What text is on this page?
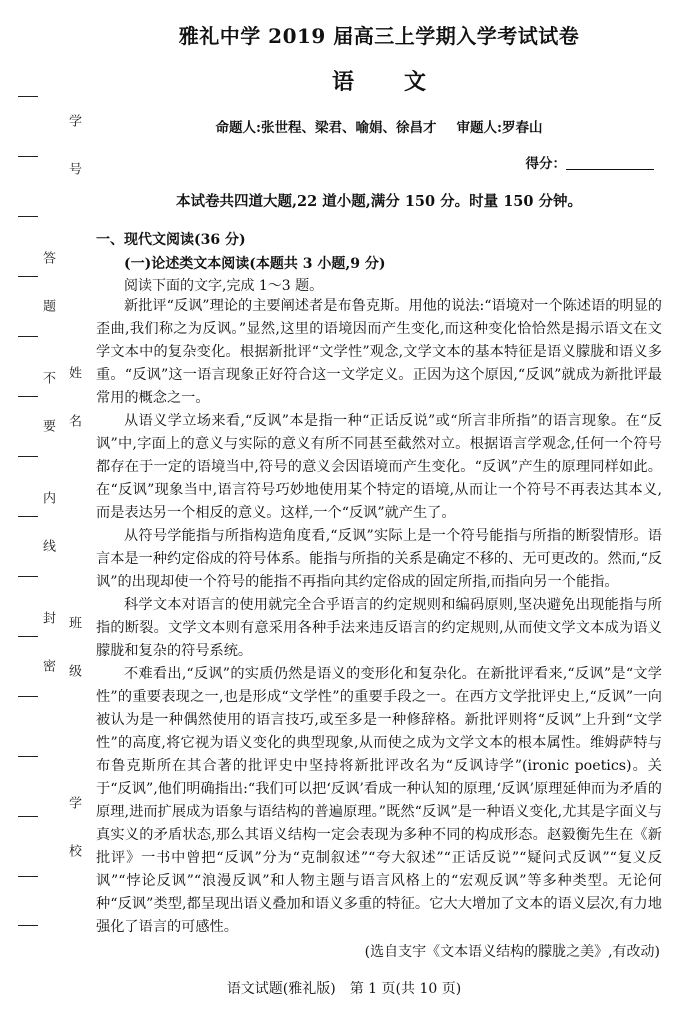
学　号
姓　名
班　级
学　校
答　题
不　要
内　线
封　密
雅礼中学 2019 届高三上学期入学考试试卷
语　文
命题人:张世程、梁君、喻娟、徐昌才 审题人:罗春山
得分：
本试卷共四道大题,22 道小题,满分 150 分。时量 150 分钟。
一、现代文阅读(36 分)
(一)论述类文本阅读(本题共 3 小题,9 分)
阅读下面的文字,完成 1～3 题。

新批评“反讽”理论的主要阐述者是布鲁克斯。用他的说法:“语境对一个陈述语的明显的歪曲,我们称之为反讽。”显然,这里的语境因而产生变化,而这种变化恰恰然是揭示语文在文学文本中的复杂变化。根据新批评“文学性”观念,文学文本的基本特征是语义朦胧和语义多重。“反讽”这一语言现象正好符合这一文学定义。正因为这个原因,“反讽”就成为新批评最常用的概念之一。

从语义学立场来看,“反讽”本是指一种“正话反说”或“所言非所指”的语言现象。在“反讽”中,字面上的意义与实际的意义有所不同甚至截然对立。根据语言学观念,任何一个符号都存在于一定的语境当中,符号的意义会因语境而产生变化。“反讽”产生的原理同样如此。在“反讽”现象当中,语言符号巧妙地使用某个特定的语境,从而让一个符号不再表达其本义,而是表达另一个相反的意义。这样,一个“反讽”就产生了。

从符号学能指与所指构造角度看,“反讽”实际上是一个符号能指与所指的断裂情形。语言本是一种约定俗成的符号体系。能指与所指的关系是确定不移的、无可更改的。然而,“反讽”的出现却使一个符号的能指不再指向其约定俗成的固定所指,而指向另一个能指。

科学文本对语言的使用就完全合乎语言的约定规则和编码原则,坚决避免出现能指与所指的断裂。文学文本则有意采用各种手法来违反语言的约定规则,从而使文学文本成为语义朦胧和复杂的符号系统。

不难看出,“反讽”的实质仍然是语义的变形化和复杂化。在新批评看来,“反讽”是“文学性”的重要表现之一,也是形成“文学性”的重要手段之一。在西方文学批评史上,“反讽”一向被认为是一种偶然使用的语言技巧,或至多是一种修辞格。新批评则将“反讽”上升到“文学性”的高度,将它视为语义变化的典型现象,从而使之成为文学文本的根本属性。维姆萨特与布鲁克斯所在其合著的批评史中坚持将新批评改名为“反讽诗学”(ironic poetics)。关于“反讽”,他们明确指出:“我们可以把‘反讽’看成一种认知的原理,‘反讽’原理延伸而为矛盾的原理,进而扩展成为语象与语结构的普遍原理。”既然“反讽”是一种语义变化,尤其是字面义与真实义的矛盾状态,那么其语义结构一定会表现为多种不同的构成形态。赵毅衡先生在《新批评》一书中曾把“反讽”分为“克制叙述”“夸大叙述”“正话反说”“疑问式反讽”“复义反讽”“悖论反讽”“浪漫反讽”和人物主题与语言风格上的“宏观反讽”等多种类型。无论何种“反讽”类型,都呈现出语义叠加和语义多重的特征。它大大增加了文本的语义层次,有力地强化了语言的可感性。

(选自支宇《文本语义结构的朦胧之美》,有改动)
语文试题(雅礼版)　第 1 页(共 10 页)
